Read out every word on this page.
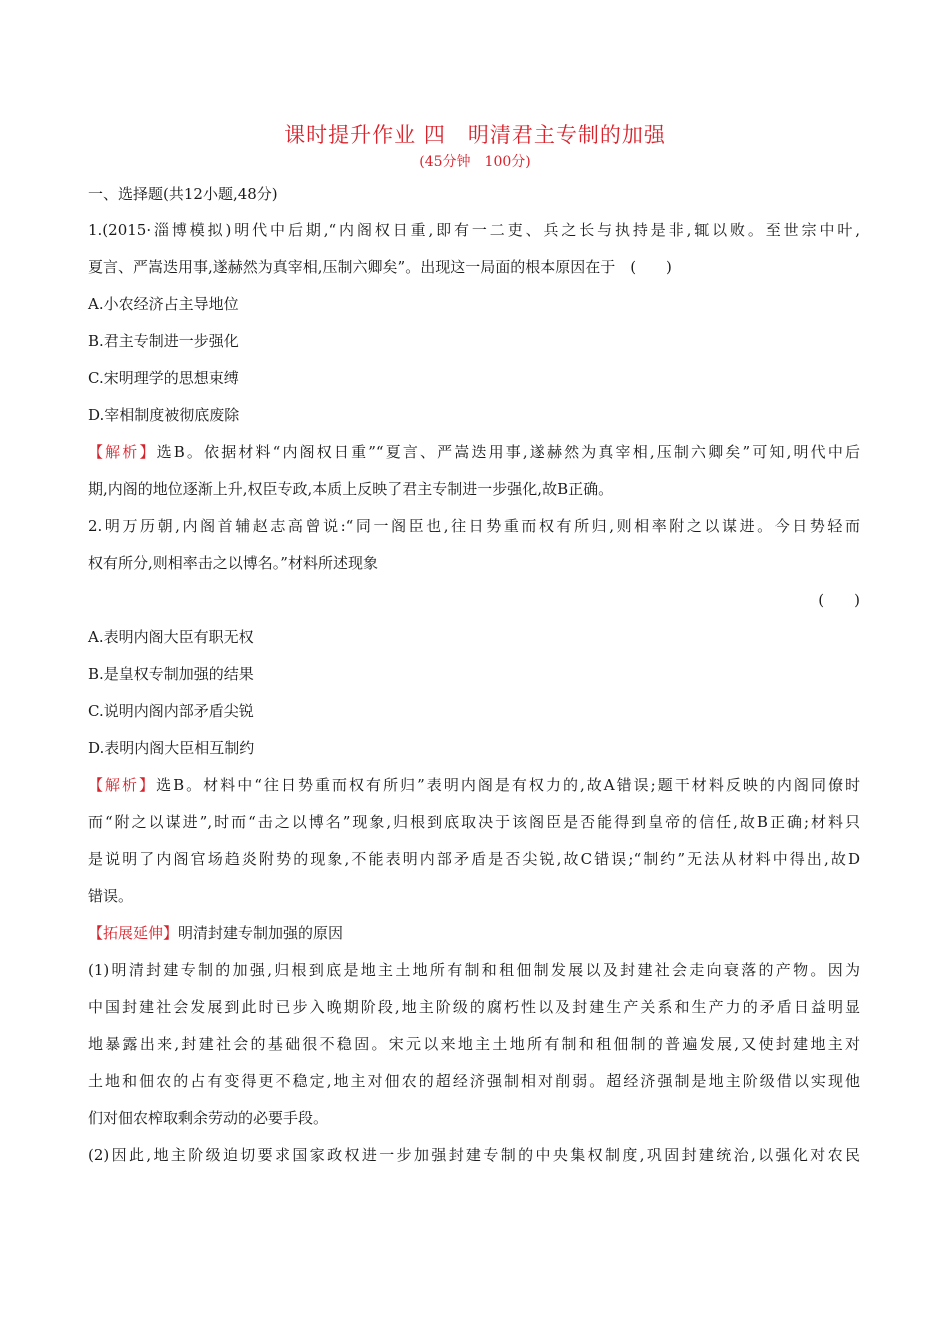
课时提升作业 四　明清君主专制的加强
(45分钟　100分)
一、选择题(共12小题,48分)
1.(2015·淄博模拟)明代中后期,“内阁权日重,即有一二吏、兵之长与执持是非,辄以败。至世宗中叶,
夏言、严嵩迭用事,遂赫然为真宰相,压制六卿矣”。出现这一局面的根本原因在于　(　　)
A.小农经济占主导地位
B.君主专制进一步强化
C.宋明理学的思想束缚
D.宰相制度被彻底废除
【解析】选B。依据材料“内阁权日重”“夏言、严嵩迭用事,遂赫然为真宰相,压制六卿矣”可知,明代中后
期,内阁的地位逐渐上升,权臣专政,本质上反映了君主专制进一步强化,故B正确。
2.明万历朝,内阁首辅赵志高曾说:“同一阁臣也,往日势重而权有所归,则相率附之以谋进。今日势轻而
权有所分,则相率击之以博名。”材料所述现象
(　　)
A.表明内阁大臣有职无权
B.是皇权专制加强的结果
C.说明内阁内部矛盾尖锐
D.表明内阁大臣相互制约
【解析】选B。材料中“往日势重而权有所归”表明内阁是有权力的,故A错误;题干材料反映的内阁同僚时
而“附之以谋进”,时而“击之以博名”现象,归根到底取决于该阁臣是否能得到皇帝的信任,故B正确;材料只
是说明了内阁官场趋炎附势的现象,不能表明内部矛盾是否尖锐,故C错误;“制约”无法从材料中得出,故D
错误。
【拓展延伸】明清封建专制加强的原因
(1)明清封建专制的加强,归根到底是地主土地所有制和租佃制发展以及封建社会走向衰落的产物。因为
中国封建社会发展到此时已步入晚期阶段,地主阶级的腐朽性以及封建生产关系和生产力的矛盾日益明显
地暴露出来,封建社会的基础很不稳固。宋元以来地主土地所有制和租佃制的普遍发展,又使封建地主对
土地和佃农的占有变得更不稳定,地主对佃农的超经济强制相对削弱。超经济强制是地主阶级借以实现他
们对佃农榨取剩余劳动的必要手段。
(2)因此,地主阶级迫切要求国家政权进一步加强封建专制的中央集权制度,巩固封建统治,以强化对农民
